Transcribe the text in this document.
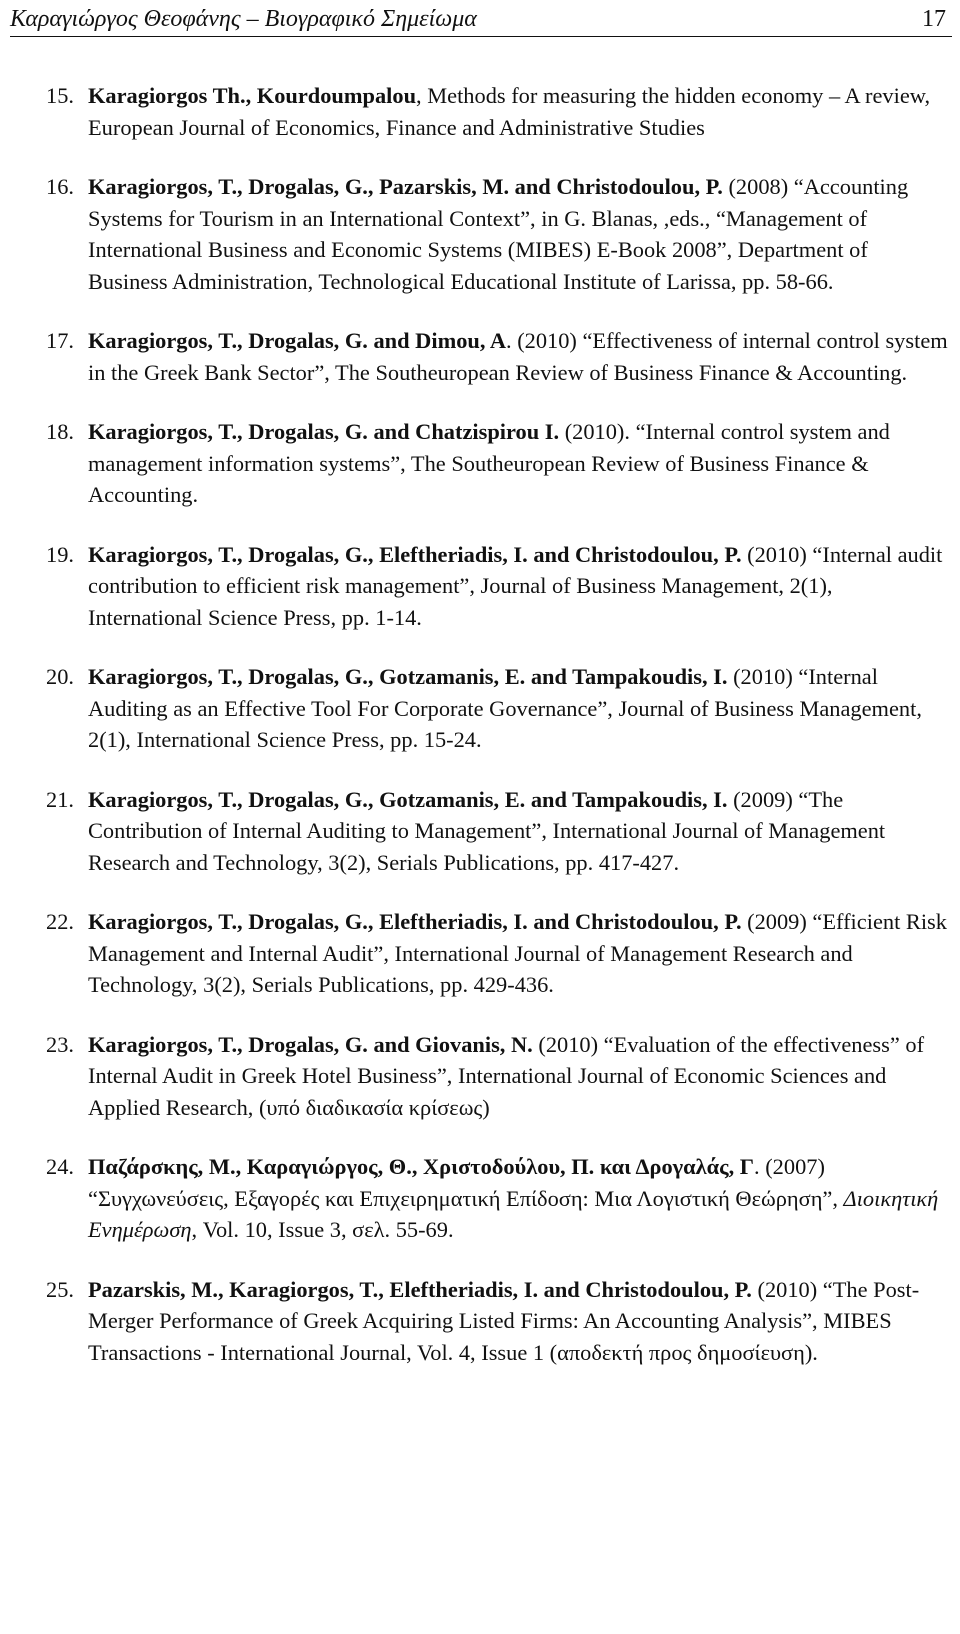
Καραγιώργος Θεοφάνης – Βιογραφικό Σημείωμα	17
15. Karagiorgos Th., Kourdoumpalou, Methods for measuring the hidden economy – A review, European Journal of Economics, Finance and Administrative Studies
16. Karagiorgos, T., Drogalas, G., Pazarskis, M. and Christodoulou, P. (2008) “Accounting Systems for Tourism in an International Context”, in G. Blanas, ,eds., “Management of International Business and Economic Systems (MIBES) E-Book 2008”, Department of Business Administration, Technological Educational Institute of Larissa, pp. 58-66.
17. Karagiorgos, T., Drogalas, G. and Dimou, A. (2010) “Effectiveness of internal control system in the Greek Bank Sector”, The Southeuropean Review of Business Finance & Accounting.
18. Karagiorgos, T., Drogalas, G. and Chatzispirou I. (2010). “Internal control system and management information systems”, The Southeuropean Review of Business Finance & Accounting.
19. Karagiorgos, T., Drogalas, G., Eleftheriadis, I. and Christodoulou, P. (2010) “Internal audit contribution to efficient risk management”, Journal of Business Management, 2(1), International Science Press, pp. 1-14.
20. Karagiorgos, T., Drogalas, G., Gotzamanis, E. and Tampakoudis, I. (2010) “Internal Auditing as an Effective Tool For Corporate Governance”, Journal of Business Management, 2(1), International Science Press, pp. 15-24.
21. Karagiorgos, T., Drogalas, G., Gotzamanis, E. and Tampakoudis, I. (2009) “The Contribution of Internal Auditing to Management”, International Journal of Management Research and Technology, 3(2), Serials Publications, pp. 417-427.
22. Karagiorgos, T., Drogalas, G., Eleftheriadis, I. and Christodoulou, P. (2009) “Efficient Risk Management and Internal Audit”, International Journal of Management Research and Technology, 3(2), Serials Publications, pp. 429-436.
23. Karagiorgos, T., Drogalas, G. and Giovanis, N. (2010) “Evaluation of the effectiveness” of Internal Audit in Greek Hotel Business”, International Journal of Economic Sciences and Applied Research, (υπό διαδικασία κρίσεως)
24. Παζάρσκης, Μ., Καραγιώργος, Θ., Χριστοδούλου, Π. και Δρογαλάς, Γ. (2007) “Συγχωνεύσεις, Εξαγορές και Επιχειρηματική Επίδοση: Μια Λογιστική Θεώρηση”, Διοικητική Ενημέρωση, Vol. 10, Issue 3, σελ. 55-69.
25. Pazarskis, M., Karagiorgos, T., Eleftheriadis, I. and Christodoulou, P. (2010) “The Post-Merger Performance of Greek Acquiring Listed Firms: An Accounting Analysis”, MIBES Transactions - International Journal, Vol. 4, Issue 1 (αποδεκτή προς δημοσίευση).
